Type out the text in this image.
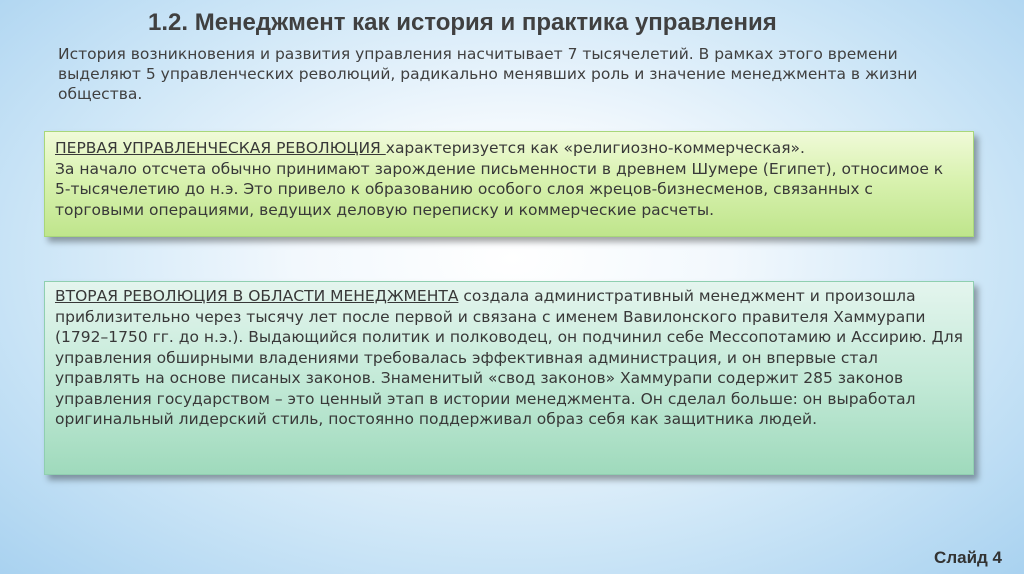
1.2. Менеджмент как история и практика управления

История возникновения и развития управления насчитывает 7 тысячелетий. В рамках этого времени выделяют 5 управленческих революций, радикально менявших роль и значение менеджмента в жизни общества.

ПЕРВАЯ УПРАВЛЕНЧЕСКАЯ РЕВОЛЮЦИЯ характеризуется как «религиозно-коммерческая».
За начало отсчета обычно принимают зарождение письменности в древнем Шумере (Египет), относимое к 5-тысячелетию до н.э. Это привело к образованию особого слоя жрецов-бизнесменов, связанных с торговыми операциями, ведущих деловую переписку и коммерческие расчеты.
ВТОРАЯ РЕВОЛЮЦИЯ В ОБЛАСТИ МЕНЕДЖМЕНТА создала административный менеджмент и произошла приблизительно через тысячу лет после первой и связана с именем Вавилонского правителя Хаммурапи (1792–1750 гг. до н.э.). Выдающийся политик и полководец, он подчинил себе Мессопотамию и Ассирию. Для управления обширными владениями требовалась эффективная администрация, и он впервые стал управлять на основе писаных законов. Знаменитый «свод законов» Хаммурапи содержит 285 законов управления государством – это ценный этап в истории менеджмента. Он сделал больше: он выработал оригинальный лидерский стиль, постоянно поддерживал образ себя как защитника людей.
Слайд 4
